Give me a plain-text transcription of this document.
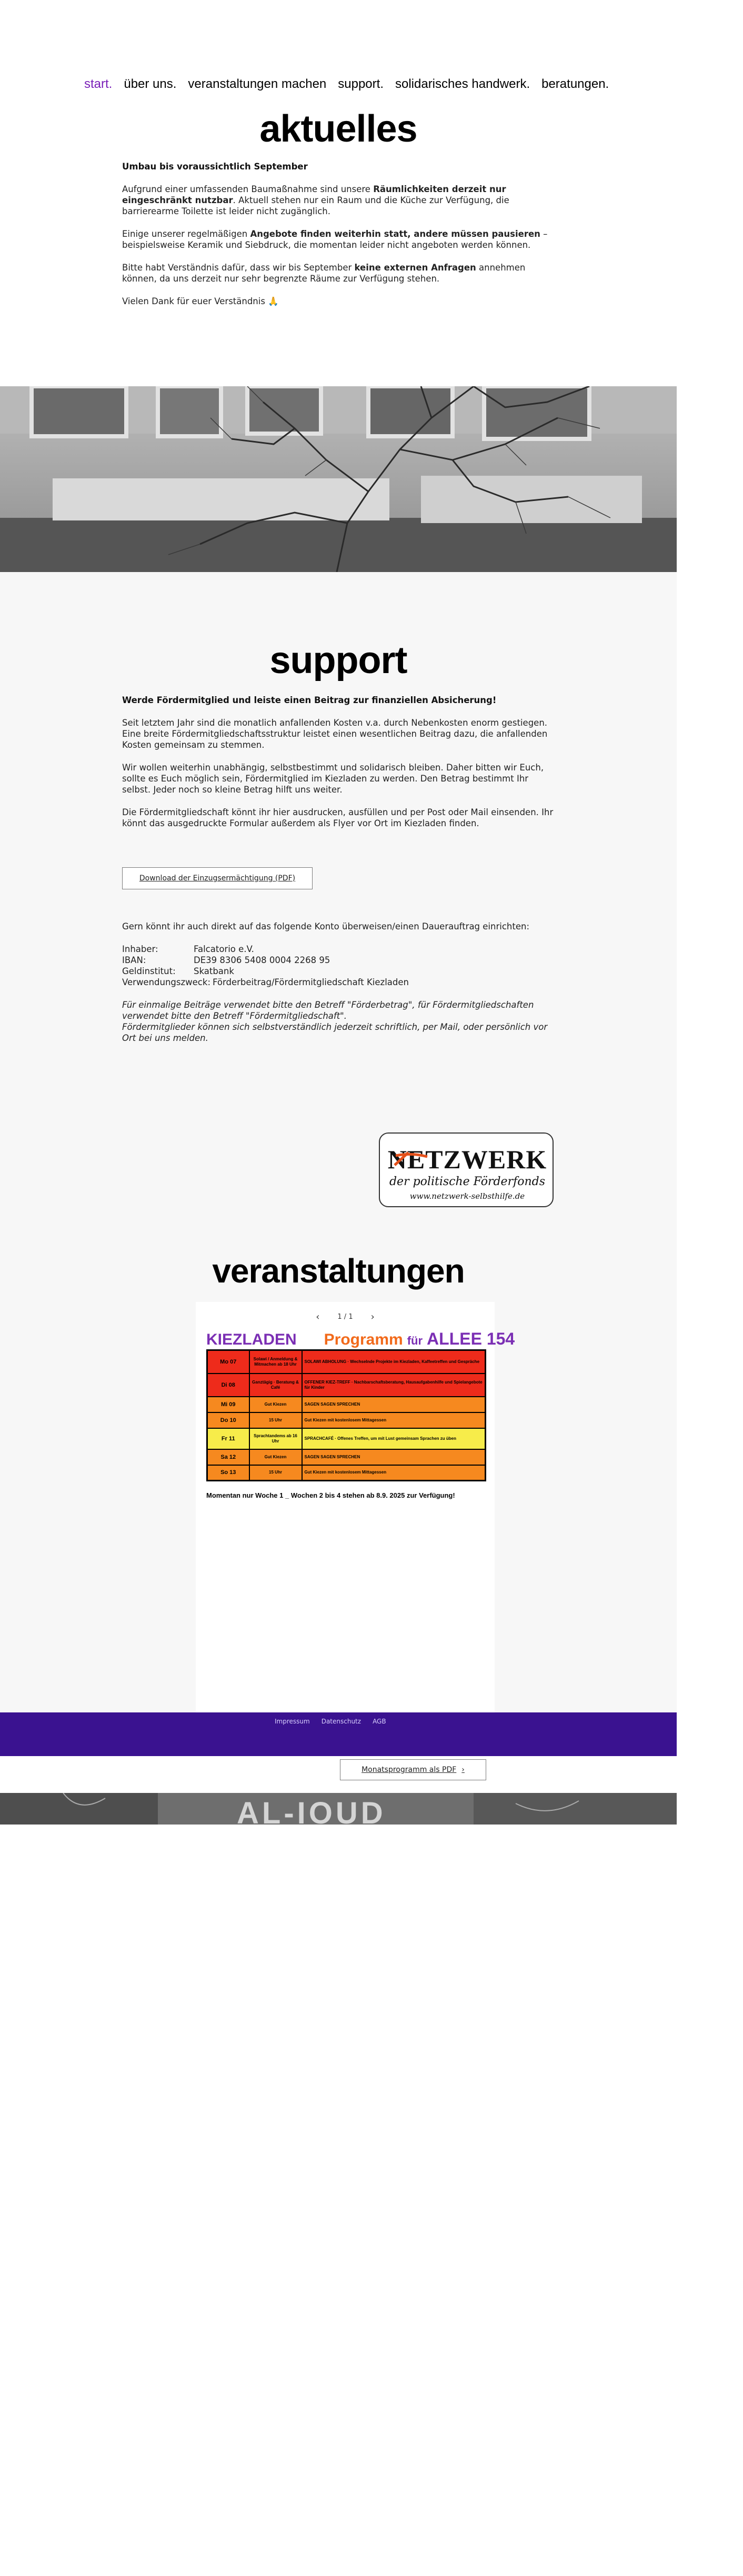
start. über uns. veranstaltungen machen support. solidarisches handwerk. beratungen.
aktuelles

Umbau bis voraussichtlich September

Aufgrund einer umfassenden Baumaßnahme sind unsere Räumlichkeiten derzeit nur eingeschränkt nutzbar. Aktuell stehen nur ein Raum und die Küche zur Verfügung, die barrierearme Toilette ist leider nicht zugänglich.

Einige unserer regelmäßigen Angebote finden weiterhin statt, andere müssen pausieren – beispielsweise Keramik und Siebdruck, die momentan leider nicht angeboten werden können.

Bitte habt Verständnis dafür, dass wir bis September keine externen Anfragen annehmen können, da uns derzeit nur sehr begrenzte Räume zur Verfügung stehen.

Vielen Dank für euer Verständnis 🙏

support

Werde Fördermitglied und leiste einen Beitrag zur finanziellen Absicherung!

Seit letztem Jahr sind die monatlich anfallenden Kosten v.a. durch Nebenkosten enorm gestiegen. Eine breite Fördermitgliedschaftsstruktur leistet einen wesentlichen Beitrag dazu, die anfallenden Kosten gemeinsam zu stemmen.

Wir wollen weiterhin unabhängig, selbstbestimmt und solidarisch bleiben. Daher bitten wir Euch, sollte es Euch möglich sein, Fördermitglied im Kiezladen zu werden. Den Betrag bestimmt Ihr selbst. Jeder noch so kleine Betrag hilft uns weiter.

Die Fördermitgliedschaft könnt ihr hier ausdrucken, ausfüllen und per Post oder Mail einsenden. Ihr könnt das ausgedruckte Formular außerdem als Flyer vor Ort im Kiezladen finden.

Download der Einzugsermächtigung (PDF)

Gern könnt ihr auch direkt auf das folgende Konto überweisen/einen Dauerauftrag einrichten:

Inhaber:	Falcatorio e.V.
IBAN:	DE39 8306 5408 0004 2268 95
Geldinstitut:	Skatbank
Verwendungszweck: Förderbeitrag/Fördermitgliedschaft Kiezladen

Für einmalige Beiträge verwendet bitte den Betreff "Förderbetrag", für Fördermitgliedschaften verwendet bitte den Betreff "Fördermitgliedschaft".

Fördermitglieder können sich selbstverständlich jederzeit schriftlich, per Mail, oder persönlich vor Ort bei uns melden.

NETZWERK
der politische Förderfonds
www.netzwerk-selbsthilfe.de
veranstaltungen
‹	1 / 1 ›
KIEZLADEN Programm für ALLEE 154
Mo 07	Solawi / Anmeldung & Mitmachen ab 18 Uhr	SOLAWI ABHOLUNG · Wechselnde Projekte im Kiezladen, Kaffeetreffen und Gespräche
Di 08	Ganztägig · Beratung & Café	OFFENER KIEZ-TREFF · Nachbarschaftsberatung, Hausaufgabenhilfe und Spielangebote für Kinder
Mi 09	Gut Kiezen	SAGEN SAGEN SPRECHEN
Do 10	15 Uhr	Gut Kiezen mit kostenlosem Mittagessen
Fr 11	Sprachtandems ab 16 Uhr	SPRACHCAFÉ · Offenes Treffen, um mit Lust gemeinsam Sprachen zu üben
Sa 12	Gut Kiezen	SAGEN SAGEN SPRECHEN
So 13	15 Uhr	Gut Kiezen mit kostenlosem Mittagessen

Momentan nur Woche 1 _ Wochen 2 bis 4 stehen ab 8.9. 2025 zur Verfügung!

Impressum Datenschutz AGB
Monatsprogramm als PDF ›
AL-IOUD
